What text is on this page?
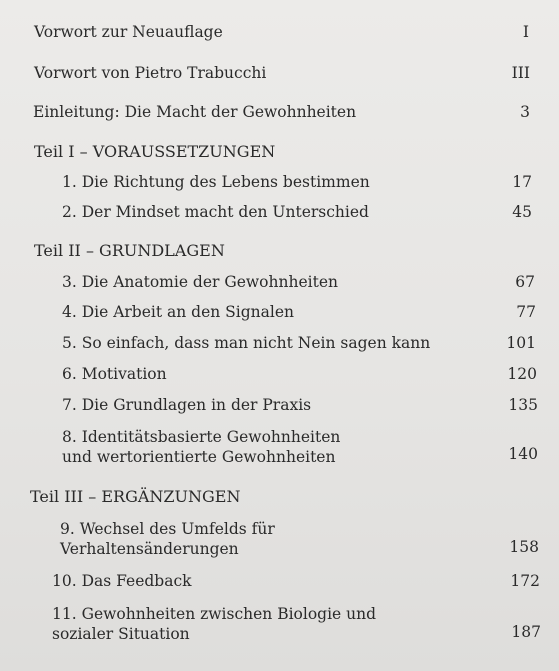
Vorwort zur Neuauflage	I
Vorwort von Pietro Trabucchi	III
Einleitung: Die Macht der Gewohnheiten	3
Teil I – VORAUSSETZUNGEN
1. Die Richtung des Lebens bestimmen	17
2. Der Mindset macht den Unterschied	45
Teil II – GRUNDLAGEN
3. Die Anatomie der Gewohnheiten	67
4. Die Arbeit an den Signalen	77
5. So einfach, dass man nicht Nein sagen kann	101
6. Motivation	120
7. Die Grundlagen in der Praxis	135
8. Identitätsbasierte Gewohnheiten
und wertorientierte Gewohnheiten	140
Teil III – ERGÄNZUNGEN
9. Wechsel des Umfelds für
Verhaltensänderungen	158
10. Das Feedback	172
11. Gewohnheiten zwischen Biologie und
sozialer Situation	187
